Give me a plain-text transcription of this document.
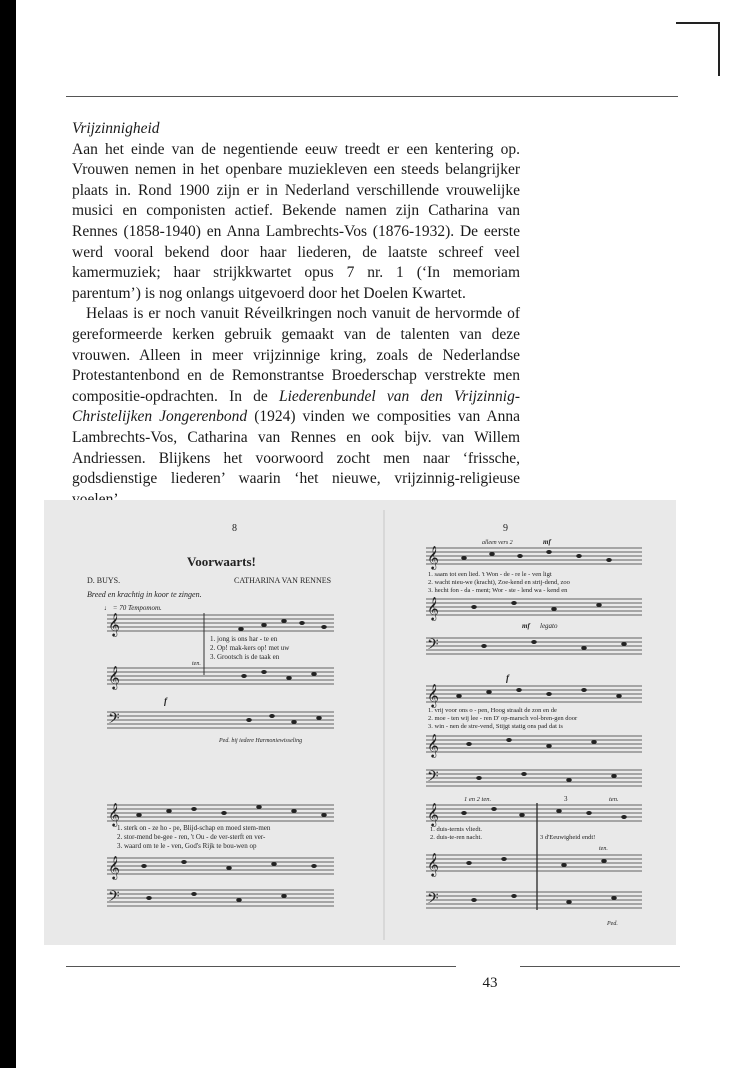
Vrijzinnigheid

Aan het einde van de negentiende eeuw treedt er een kentering op. Vrouwen nemen in het openbare muziekleven een steeds belangrijker plaats in. Rond 1900 zijn er in Nederland verschillende vrouwelijke musici en componisten actief. Bekende namen zijn Catharina van Rennes (1858-1940) en Anna Lambrechts-Vos (1876-1932). De eerste werd vooral bekend door haar liederen, de laatste schreef veel kamermuziek; haar strijkkwartet opus 7 nr. 1 (‘In memoriam parentum’) is nog onlangs uitgevoerd door het Doelen Kwartet.

Helaas is er noch vanuit Réveilkringen noch vanuit de hervormde of gereformeerde kerken gebruik gemaakt van de talenten van deze vrouwen. Alleen in meer vrijzinnige kring, zoals de Nederlandse Protestantenbond en de Remonstrantse Broederschap verstrekte men compositie-opdrachten. In de Liederenbundel van den Vrijzinnig-Christelijken Jongerenbond (1924) vinden we composities van Anna Lambrechts-Vos, Catharina van Rennes en ook bijv. van Willem Andriessen. Blijkens het voorwoord zocht men naar ‘frissche, godsdienstige liederen’ waarin ‘het nieuwe, vrijzinnig-religieuse

8
Voorwaarts!
D. BUYS.	CATHARINA VAN RENNES
Breed en krachtig in koor te zingen.
♩ = 70 Tempomom.
𝄞
1. jong is ons har - te en
2. Op! mak-kers op! met uw
3. Grootsch is de taak en
ten.
𝄞
𝄢
f
Ped. bij iedere Harmoniewisseling
𝄞
1. sterk on - ze ho - pe, Blijd-schap en moed stem-men
2. stor-mend be-gee - ren, 't Ou - de ver-sterft en ver-
3. waard om te le - ven, God's Rijk te bou-wen op
𝄞
𝄢
9
alleen vers 2	mf
𝄞
1. saam tot een lied. 't Won - de - re le - ven ligt
2. wacht nieu-we (kracht), Zoe-kend en strij-dend, zoo
3. hecht fon - da - ment; Wor - ste - lend wa - kend en
𝄞
𝄢
mf legato
f
𝄞
1. vrij voor ons o - pen, Hoog straalt de zon en de
2. moe - ten wij lee - ren D' op-marsch vol-bren-gen door
3. win - nen de stre-vend, Stijgt statig ons pad dat is
𝄞
𝄢
1 en 2 ten.	3	ten.
𝄞
1. duis-ternis vliedt.
2. duis-te-ren nacht.	3 d'Eeuwigheid endt!
ten.
𝄞
𝄢
Ped.
43
